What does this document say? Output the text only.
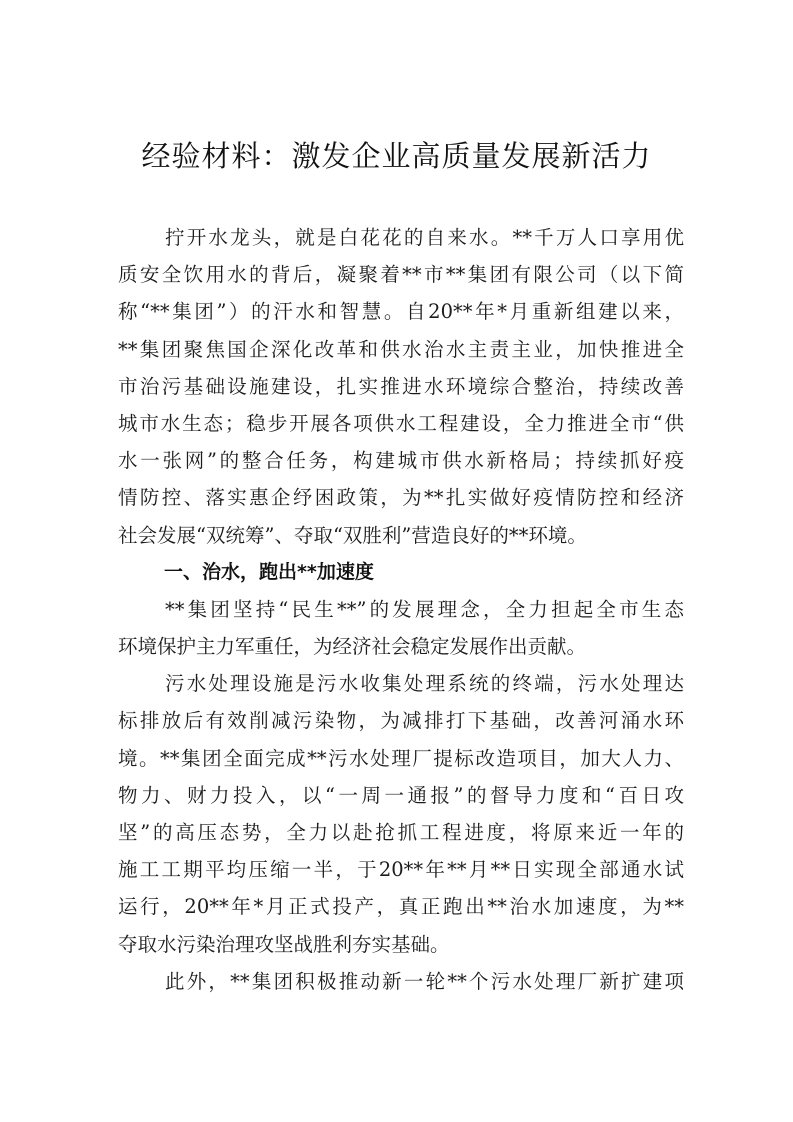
经验材料：激发企业高质量发展新活力
拧开水龙头，就是白花花的自来水。**千万人口享用优
质安全饮用水的背后，凝聚着**市**集团有限公司（以下简
称“**集团”）的汗水和智慧。自20**年*月重新组建以来，
**集团聚焦国企深化改革和供水治水主责主业，加快推进全
市治污基础设施建设，扎实推进水环境综合整治，持续改善
城市水生态；稳步开展各项供水工程建设，全力推进全市“供
水一张网”的整合任务，构建城市供水新格局；持续抓好疫
情防控、落实惠企纾困政策，为**扎实做好疫情防控和经济
社会发展“双统筹”、夺取“双胜利”营造良好的**环境。
一、治水，跑出**加速度
**集团坚持“民生**”的发展理念，全力担起全市生态
环境保护主力军重任，为经济社会稳定发展作出贡献。
污水处理设施是污水收集处理系统的终端，污水处理达
标排放后有效削减污染物，为减排打下基础，改善河涌水环
境。**集团全面完成**污水处理厂提标改造项目，加大人力、
物力、财力投入，以“一周一通报”的督导力度和“百日攻
坚”的高压态势，全力以赴抢抓工程进度，将原来近一年的
施工工期平均压缩一半，于20**年**月**日实现全部通水试
运行，20**年*月正式投产，真正跑出**治水加速度，为**
夺取水污染治理攻坚战胜利夯实基础。
此外，**集团积极推动新一轮**个污水处理厂新扩建项
